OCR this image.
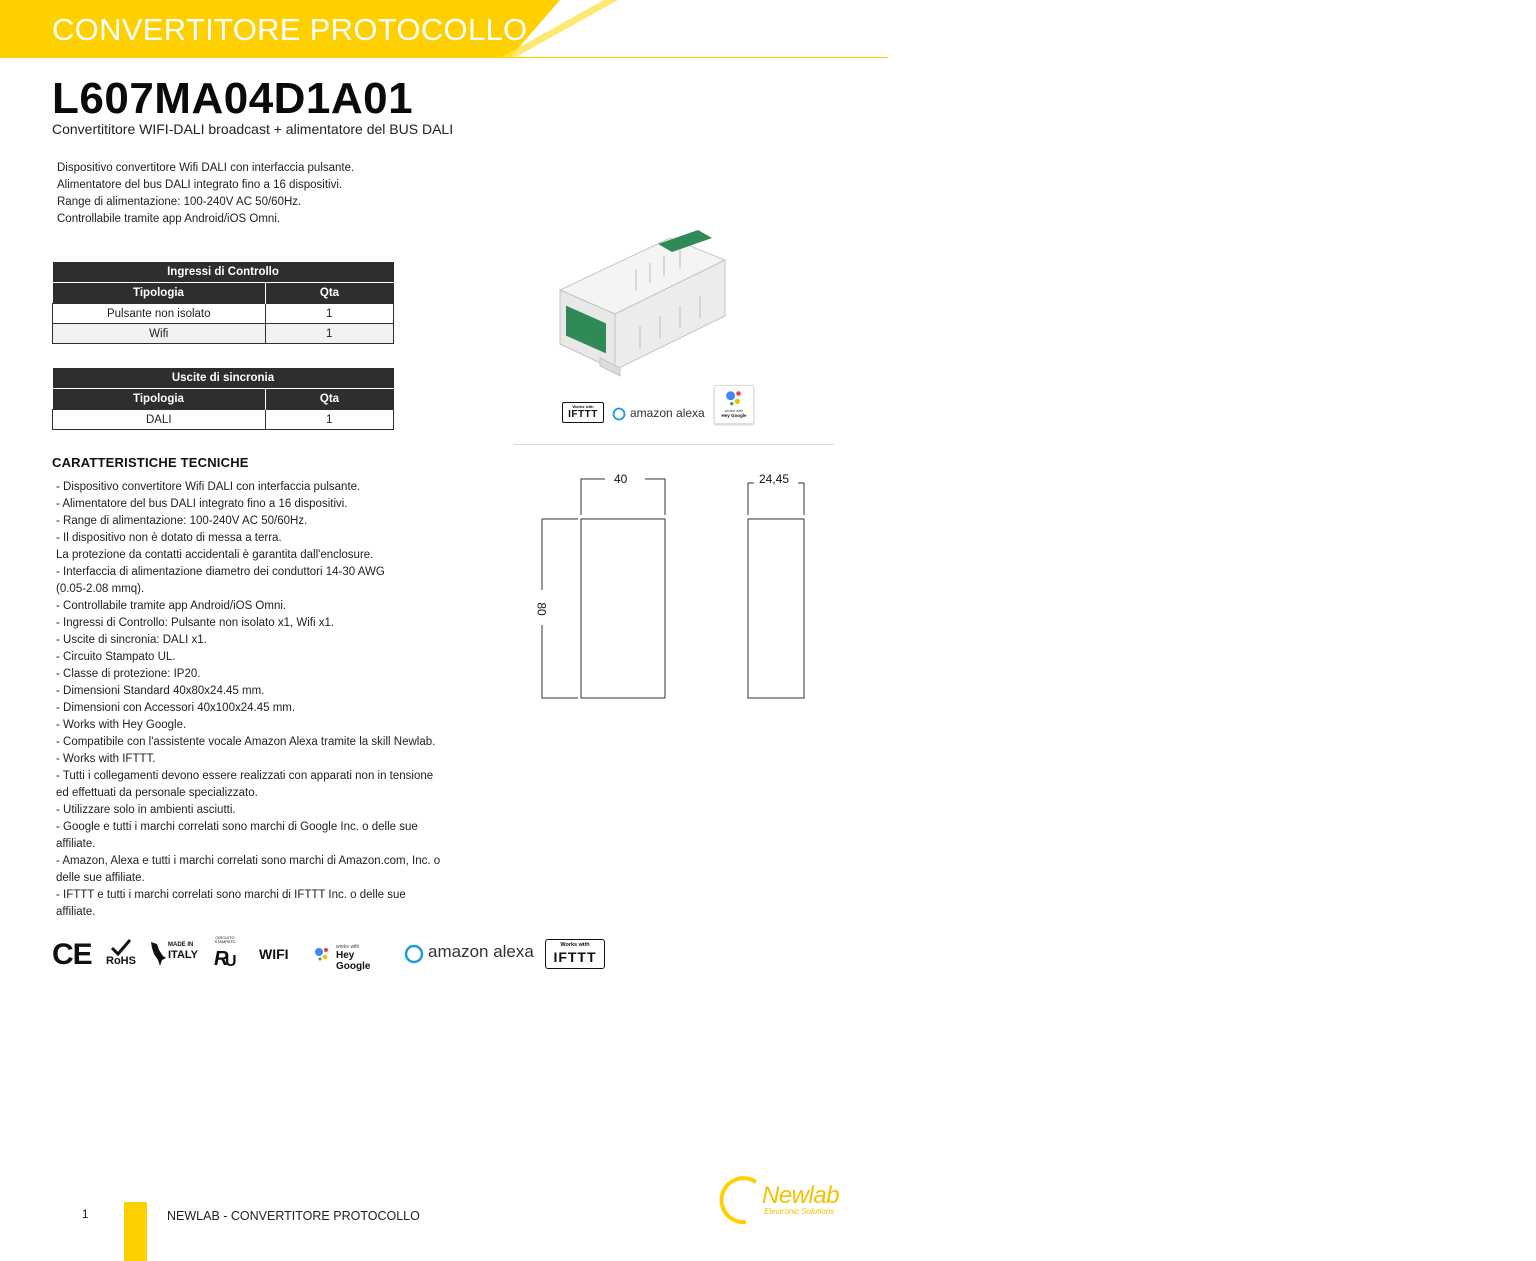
CONVERTITORE PROTOCOLLO
L607MA04D1A01
Convertititore WIFI-DALI broadcast + alimentatore del BUS DALI
Dispositivo convertitore Wifi DALI con interfaccia pulsante.
Alimentatore del bus DALI integrato fino a 16 dispositivi.
Range di alimentazione: 100-240V AC 50/60Hz.
Controllabile tramite app Android/iOS Omni.
Ingressi di Controllo	
Tipologia	Qta
Pulsante non isolato	1
Wifi	1
Uscite di sincronia	
Tipologia	Qta
DALI	1
CARATTERISTICHE TECNICHE
- Dispositivo convertitore Wifi DALI con interfaccia pulsante.
- Alimentatore del bus DALI integrato fino a 16 dispositivi.
- Range di alimentazione: 100-240V AC 50/60Hz.
- Il dispositivo non è dotato di messa a terra.
La protezione da contatti accidentali è garantita dall'enclosure.
- Interfaccia di alimentazione diametro dei conduttori 14-30 AWG
(0.05-2.08 mmq).
- Controllabile tramite app Android/iOS Omni.
- Ingressi di Controllo: Pulsante non isolato x1, Wifi x1.
- Uscite di sincronia: DALI x1.
- Circuito Stampato UL.
- Classe di protezione: IP20.
- Dimensioni Standard 40x80x24.45 mm.
- Dimensioni con Accessori 40x100x24.45 mm.
- Works with Hey Google.
- Compatibile con l'assistente vocale Amazon Alexa tramite la skill Newlab.
- Works with IFTTT.
- Tutti i collegamenti devono essere realizzati con apparati non in tensione
ed effettuati da personale specializzato.
- Utilizzare solo in ambienti asciutti.
- Google e tutti i marchi correlati sono marchi di Google Inc. o delle sue
affiliate.
- Amazon, Alexa e tutti i marchi correlati sono marchi di Amazon.com, Inc. o
delle sue affiliate.
- IFTTT e tutti i marchi correlati sono marchi di IFTTT Inc. o delle sue
affiliate.
CE RoHS
MADE IN
ITALY
CIRCUITO STAMPATO
R
U WIFI	works with
Hey Google
amazon alexa	Works with
IFTTT
Works with
IFTTT	amazon alexa	works with
Hey Google
40	24,45
80
1	NEWLAB - CONVERTITORE PROTOCOLLO
Newlab
Electronic Solutions
